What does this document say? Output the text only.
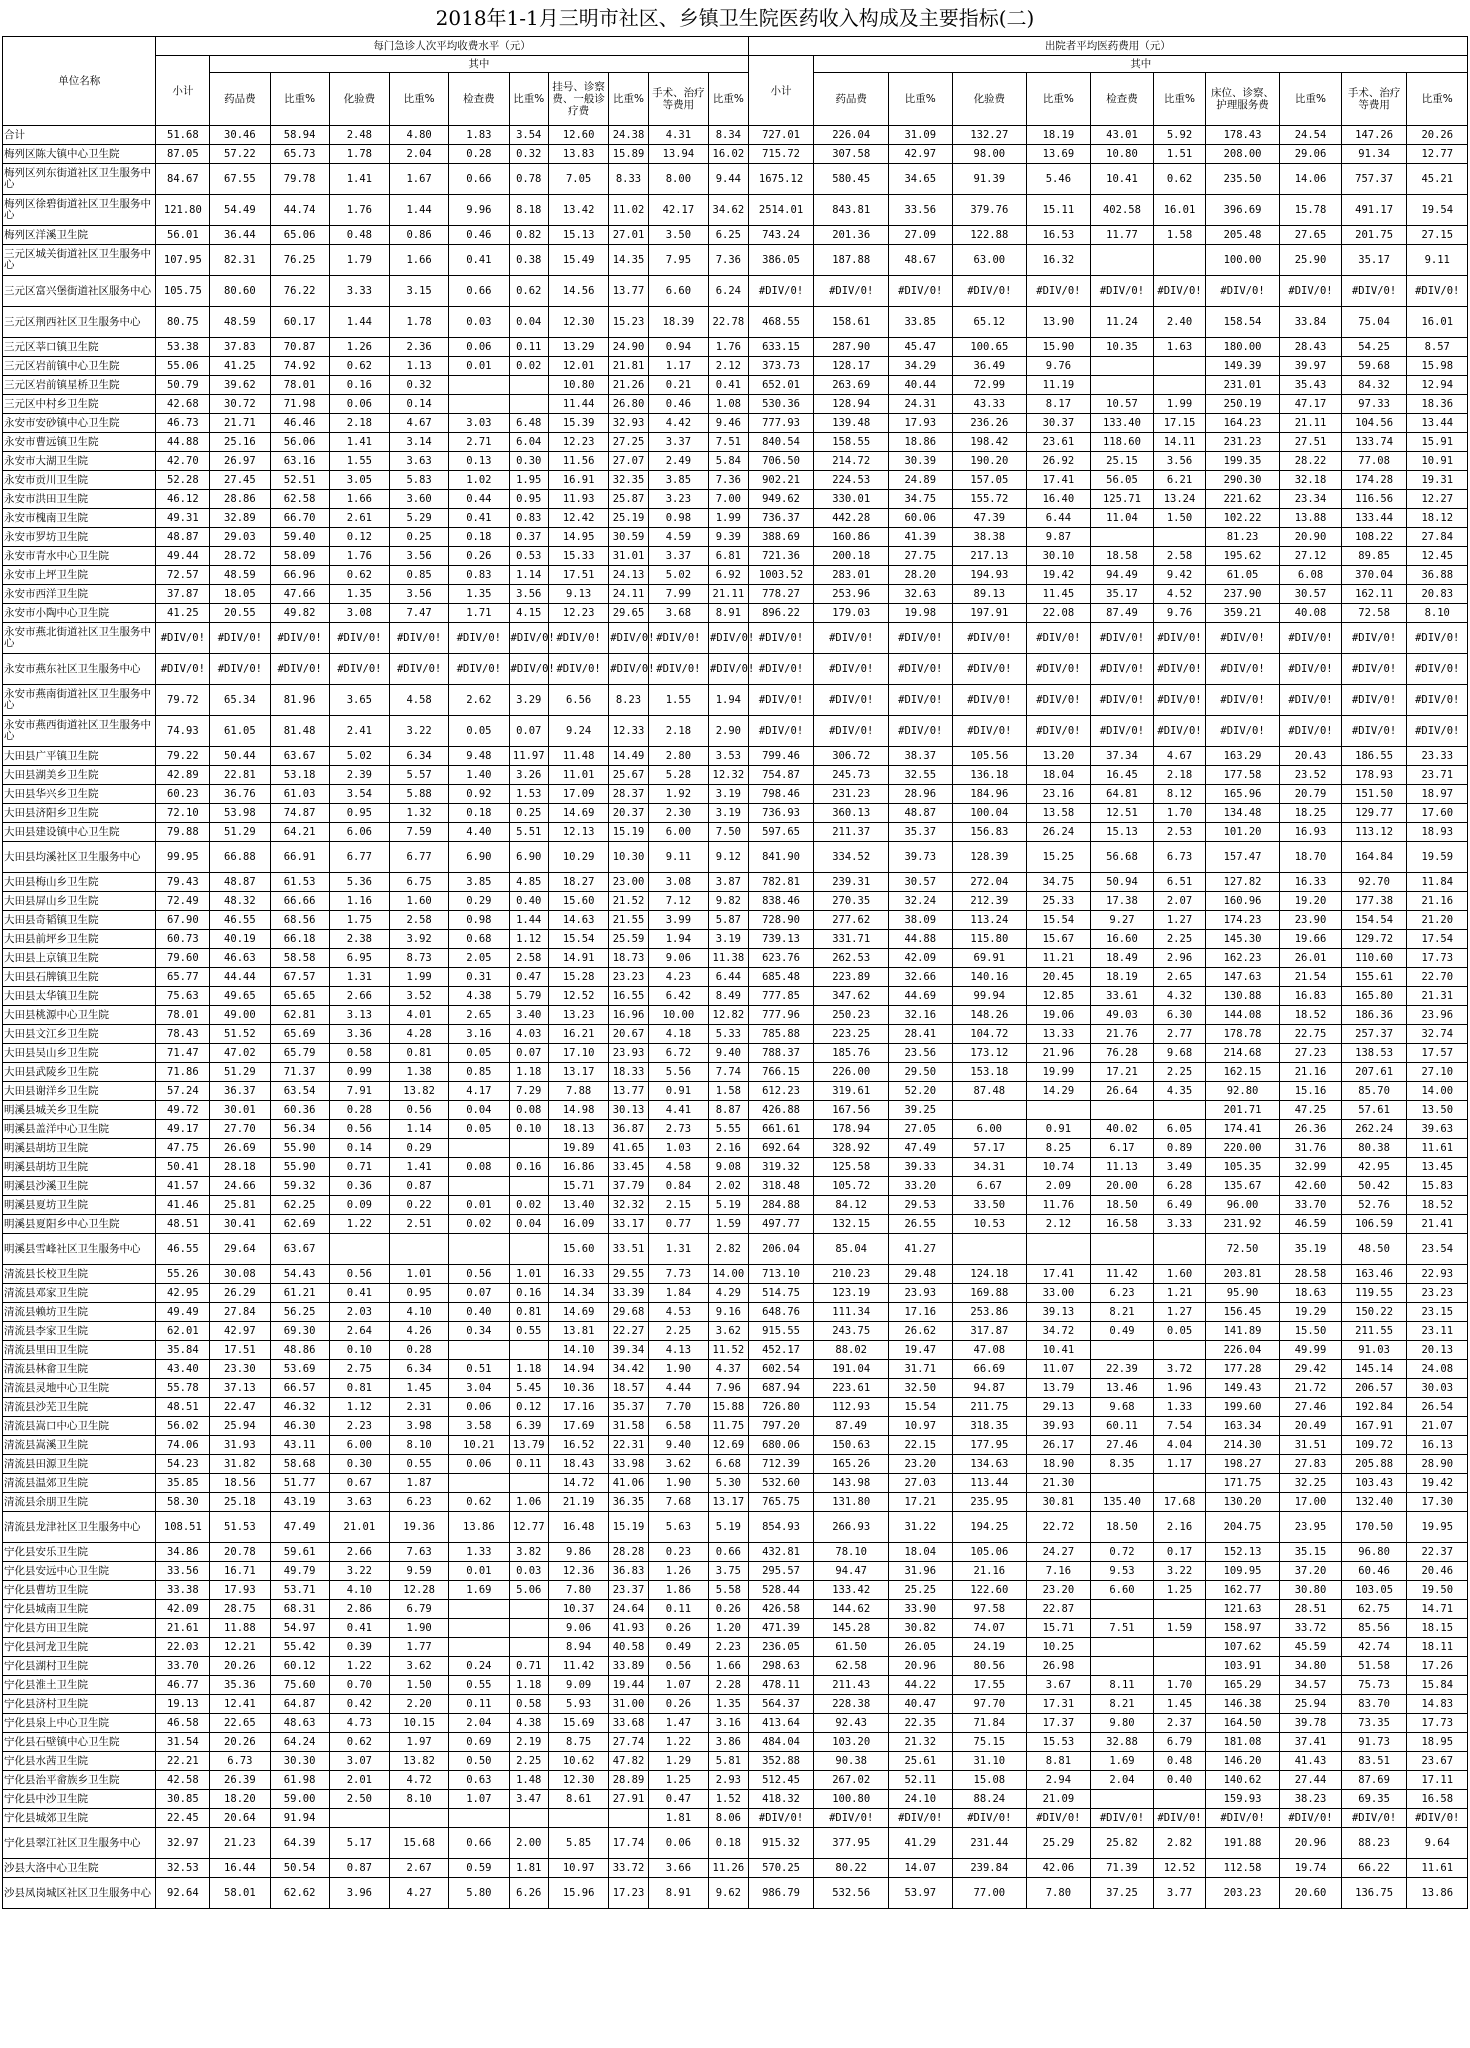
2018年1-1月三明市社区、乡镇卫生院医药收入构成及主要指标(二)
单位名称	每门急诊人次平均收费水平（元）											出院者平均医药费用（元）										
	小计	其中										小计	其中									
		药品费	比重%	化验费	比重%	检查费	比重%	挂号、诊察费、一般诊疗费	比重%	手术、治疗等费用	比重%		药品费	比重%	化验费	比重%	检查费	比重%	床位、诊察、护理服务费	比重%	手术、治疗等费用	比重%
合计	51.68	30.46	58.94	2.48	4.80	1.83	3.54	12.60	24.38	4.31	8.34	727.01	226.04	31.09	132.27	18.19	43.01	5.92	178.43	24.54	147.26	20.26
梅列区陈大镇中心卫生院	87.05	57.22	65.73	1.78	2.04	0.28	0.32	13.83	15.89	13.94	16.02	715.72	307.58	42.97	98.00	13.69	10.80	1.51	208.00	29.06	91.34	12.77
梅列区列东街道社区卫生服务中心	84.67	67.55	79.78	1.41	1.67	0.66	0.78	7.05	8.33	8.00	9.44	1675.12	580.45	34.65	91.39	5.46	10.41	0.62	235.50	14.06	757.37	45.21
梅列区徐碧街道社区卫生服务中心	121.80	54.49	44.74	1.76	1.44	9.96	8.18	13.42	11.02	42.17	34.62	2514.01	843.81	33.56	379.76	15.11	402.58	16.01	396.69	15.78	491.17	19.54
梅列区洋溪卫生院	56.01	36.44	65.06	0.48	0.86	0.46	0.82	15.13	27.01	3.50	6.25	743.24	201.36	27.09	122.88	16.53	11.77	1.58	205.48	27.65	201.75	27.15
三元区城关街道社区卫生服务中心	107.95	82.31	76.25	1.79	1.66	0.41	0.38	15.49	14.35	7.95	7.36	386.05	187.88	48.67	63.00	16.32			100.00	25.90	35.17	9.11
三元区富兴堡街道社区服务中心	105.75	80.60	76.22	3.33	3.15	0.66	0.62	14.56	13.77	6.60	6.24	#DIV/0!	#DIV/0!	#DIV/0!	#DIV/0!	#DIV/0!	#DIV/0!	#DIV/0!	#DIV/0!	#DIV/0!	#DIV/0!	#DIV/0!
三元区荆西社区卫生服务中心	80.75	48.59	60.17	1.44	1.78	0.03	0.04	12.30	15.23	18.39	22.78	468.55	158.61	33.85	65.12	13.90	11.24	2.40	158.54	33.84	75.04	16.01
三元区莘口镇卫生院	53.38	37.83	70.87	1.26	2.36	0.06	0.11	13.29	24.90	0.94	1.76	633.15	287.90	45.47	100.65	15.90	10.35	1.63	180.00	28.43	54.25	8.57
三元区岩前镇中心卫生院	55.06	41.25	74.92	0.62	1.13	0.01	0.02	12.01	21.81	1.17	2.12	373.73	128.17	34.29	36.49	9.76			149.39	39.97	59.68	15.98
三元区岩前镇星桥卫生院	50.79	39.62	78.01	0.16	0.32			10.80	21.26	0.21	0.41	652.01	263.69	40.44	72.99	11.19			231.01	35.43	84.32	12.94
三元区中村乡卫生院	42.68	30.72	71.98	0.06	0.14			11.44	26.80	0.46	1.08	530.36	128.94	24.31	43.33	8.17	10.57	1.99	250.19	47.17	97.33	18.36
永安市安砂镇中心卫生院	46.73	21.71	46.46	2.18	4.67	3.03	6.48	15.39	32.93	4.42	9.46	777.93	139.48	17.93	236.26	30.37	133.40	17.15	164.23	21.11	104.56	13.44
永安市曹远镇卫生院	44.88	25.16	56.06	1.41	3.14	2.71	6.04	12.23	27.25	3.37	7.51	840.54	158.55	18.86	198.42	23.61	118.60	14.11	231.23	27.51	133.74	15.91
永安市大湖卫生院	42.70	26.97	63.16	1.55	3.63	0.13	0.30	11.56	27.07	2.49	5.84	706.50	214.72	30.39	190.20	26.92	25.15	3.56	199.35	28.22	77.08	10.91
永安市贡川卫生院	52.28	27.45	52.51	3.05	5.83	1.02	1.95	16.91	32.35	3.85	7.36	902.21	224.53	24.89	157.05	17.41	56.05	6.21	290.30	32.18	174.28	19.31
永安市洪田卫生院	46.12	28.86	62.58	1.66	3.60	0.44	0.95	11.93	25.87	3.23	7.00	949.62	330.01	34.75	155.72	16.40	125.71	13.24	221.62	23.34	116.56	12.27
永安市槐南卫生院	49.31	32.89	66.70	2.61	5.29	0.41	0.83	12.42	25.19	0.98	1.99	736.37	442.28	60.06	47.39	6.44	11.04	1.50	102.22	13.88	133.44	18.12
永安市罗坊卫生院	48.87	29.03	59.40	0.12	0.25	0.18	0.37	14.95	30.59	4.59	9.39	388.69	160.86	41.39	38.38	9.87			81.23	20.90	108.22	27.84
永安市青水中心卫生院	49.44	28.72	58.09	1.76	3.56	0.26	0.53	15.33	31.01	3.37	6.81	721.36	200.18	27.75	217.13	30.10	18.58	2.58	195.62	27.12	89.85	12.45
永安市上坪卫生院	72.57	48.59	66.96	0.62	0.85	0.83	1.14	17.51	24.13	5.02	6.92	1003.52	283.01	28.20	194.93	19.42	94.49	9.42	61.05	6.08	370.04	36.88
永安市西洋卫生院	37.87	18.05	47.66	1.35	3.56	1.35	3.56	9.13	24.11	7.99	21.11	778.27	253.96	32.63	89.13	11.45	35.17	4.52	237.90	30.57	162.11	20.83
永安市小陶中心卫生院	41.25	20.55	49.82	3.08	7.47	1.71	4.15	12.23	29.65	3.68	8.91	896.22	179.03	19.98	197.91	22.08	87.49	9.76	359.21	40.08	72.58	8.10
永安市燕北街道社区卫生服务中心	#DIV/0!	#DIV/0!	#DIV/0!	#DIV/0!	#DIV/0!	#DIV/0!	#DIV/0!	#DIV/0!	#DIV/0!	#DIV/0!	#DIV/0!	#DIV/0!	#DIV/0!	#DIV/0!	#DIV/0!	#DIV/0!	#DIV/0!	#DIV/0!	#DIV/0!	#DIV/0!	#DIV/0!	#DIV/0!
永安市燕东社区卫生服务中心	#DIV/0!	#DIV/0!	#DIV/0!	#DIV/0!	#DIV/0!	#DIV/0!	#DIV/0!	#DIV/0!	#DIV/0!	#DIV/0!	#DIV/0!	#DIV/0!	#DIV/0!	#DIV/0!	#DIV/0!	#DIV/0!	#DIV/0!	#DIV/0!	#DIV/0!	#DIV/0!	#DIV/0!	#DIV/0!
永安市燕南街道社区卫生服务中心	79.72	65.34	81.96	3.65	4.58	2.62	3.29	6.56	8.23	1.55	1.94	#DIV/0!	#DIV/0!	#DIV/0!	#DIV/0!	#DIV/0!	#DIV/0!	#DIV/0!	#DIV/0!	#DIV/0!	#DIV/0!	#DIV/0!
永安市燕西街道社区卫生服务中心	74.93	61.05	81.48	2.41	3.22	0.05	0.07	9.24	12.33	2.18	2.90	#DIV/0!	#DIV/0!	#DIV/0!	#DIV/0!	#DIV/0!	#DIV/0!	#DIV/0!	#DIV/0!	#DIV/0!	#DIV/0!	#DIV/0!
大田县广平镇卫生院	79.22	50.44	63.67	5.02	6.34	9.48	11.97	11.48	14.49	2.80	3.53	799.46	306.72	38.37	105.56	13.20	37.34	4.67	163.29	20.43	186.55	23.33
大田县湖美乡卫生院	42.89	22.81	53.18	2.39	5.57	1.40	3.26	11.01	25.67	5.28	12.32	754.87	245.73	32.55	136.18	18.04	16.45	2.18	177.58	23.52	178.93	23.71
大田县华兴乡卫生院	60.23	36.76	61.03	3.54	5.88	0.92	1.53	17.09	28.37	1.92	3.19	798.46	231.23	28.96	184.96	23.16	64.81	8.12	165.96	20.79	151.50	18.97
大田县济阳乡卫生院	72.10	53.98	74.87	0.95	1.32	0.18	0.25	14.69	20.37	2.30	3.19	736.93	360.13	48.87	100.04	13.58	12.51	1.70	134.48	18.25	129.77	17.60
大田县建设镇中心卫生院	79.88	51.29	64.21	6.06	7.59	4.40	5.51	12.13	15.19	6.00	7.50	597.65	211.37	35.37	156.83	26.24	15.13	2.53	101.20	16.93	113.12	18.93
大田县均溪社区卫生服务中心	99.95	66.88	66.91	6.77	6.77	6.90	6.90	10.29	10.30	9.11	9.12	841.90	334.52	39.73	128.39	15.25	56.68	6.73	157.47	18.70	164.84	19.59
大田县梅山乡卫生院	79.43	48.87	61.53	5.36	6.75	3.85	4.85	18.27	23.00	3.08	3.87	782.81	239.31	30.57	272.04	34.75	50.94	6.51	127.82	16.33	92.70	11.84
大田县屏山乡卫生院	72.49	48.32	66.66	1.16	1.60	0.29	0.40	15.60	21.52	7.12	9.82	838.46	270.35	32.24	212.39	25.33	17.38	2.07	160.96	19.20	177.38	21.16
大田县奇韬镇卫生院	67.90	46.55	68.56	1.75	2.58	0.98	1.44	14.63	21.55	3.99	5.87	728.90	277.62	38.09	113.24	15.54	9.27	1.27	174.23	23.90	154.54	21.20
大田县前坪乡卫生院	60.73	40.19	66.18	2.38	3.92	0.68	1.12	15.54	25.59	1.94	3.19	739.13	331.71	44.88	115.80	15.67	16.60	2.25	145.30	19.66	129.72	17.54
大田县上京镇卫生院	79.60	46.63	58.58	6.95	8.73	2.05	2.58	14.91	18.73	9.06	11.38	623.76	262.53	42.09	69.91	11.21	18.49	2.96	162.23	26.01	110.60	17.73
大田县石牌镇卫生院	65.77	44.44	67.57	1.31	1.99	0.31	0.47	15.28	23.23	4.23	6.44	685.48	223.89	32.66	140.16	20.45	18.19	2.65	147.63	21.54	155.61	22.70
大田县太华镇卫生院	75.63	49.65	65.65	2.66	3.52	4.38	5.79	12.52	16.55	6.42	8.49	777.85	347.62	44.69	99.94	12.85	33.61	4.32	130.88	16.83	165.80	21.31
大田县桃源中心卫生院	78.01	49.00	62.81	3.13	4.01	2.65	3.40	13.23	16.96	10.00	12.82	777.96	250.23	32.16	148.26	19.06	49.03	6.30	144.08	18.52	186.36	23.96
大田县文江乡卫生院	78.43	51.52	65.69	3.36	4.28	3.16	4.03	16.21	20.67	4.18	5.33	785.88	223.25	28.41	104.72	13.33	21.76	2.77	178.78	22.75	257.37	32.74
大田县吴山乡卫生院	71.47	47.02	65.79	0.58	0.81	0.05	0.07	17.10	23.93	6.72	9.40	788.37	185.76	23.56	173.12	21.96	76.28	9.68	214.68	27.23	138.53	17.57
大田县武陵乡卫生院	71.86	51.29	71.37	0.99	1.38	0.85	1.18	13.17	18.33	5.56	7.74	766.15	226.00	29.50	153.18	19.99	17.21	2.25	162.15	21.16	207.61	27.10
大田县谢洋乡卫生院	57.24	36.37	63.54	7.91	13.82	4.17	7.29	7.88	13.77	0.91	1.58	612.23	319.61	52.20	87.48	14.29	26.64	4.35	92.80	15.16	85.70	14.00
明溪县城关乡卫生院	49.72	30.01	60.36	0.28	0.56	0.04	0.08	14.98	30.13	4.41	8.87	426.88	167.56	39.25					201.71	47.25	57.61	13.50
明溪县盖洋中心卫生院	49.17	27.70	56.34	0.56	1.14	0.05	0.10	18.13	36.87	2.73	5.55	661.61	178.94	27.05	6.00	0.91	40.02	6.05	174.41	26.36	262.24	39.63
明溪县胡坊卫生院	47.75	26.69	55.90	0.14	0.29			19.89	41.65	1.03	2.16	692.64	328.92	47.49	57.17	8.25	6.17	0.89	220.00	31.76	80.38	11.61
明溪县胡坊卫生院	50.41	28.18	55.90	0.71	1.41	0.08	0.16	16.86	33.45	4.58	9.08	319.32	125.58	39.33	34.31	10.74	11.13	3.49	105.35	32.99	42.95	13.45
明溪县沙溪卫生院	41.57	24.66	59.32	0.36	0.87			15.71	37.79	0.84	2.02	318.48	105.72	33.20	6.67	2.09	20.00	6.28	135.67	42.60	50.42	15.83
明溪县夏坊卫生院	41.46	25.81	62.25	0.09	0.22	0.01	0.02	13.40	32.32	2.15	5.19	284.88	84.12	29.53	33.50	11.76	18.50	6.49	96.00	33.70	52.76	18.52
明溪县夏阳乡中心卫生院	48.51	30.41	62.69	1.22	2.51	0.02	0.04	16.09	33.17	0.77	1.59	497.77	132.15	26.55	10.53	2.12	16.58	3.33	231.92	46.59	106.59	21.41
明溪县雪峰社区卫生服务中心	46.55	29.64	63.67					15.60	33.51	1.31	2.82	206.04	85.04	41.27					72.50	35.19	48.50	23.54
清流县长校卫生院	55.26	30.08	54.43	0.56	1.01	0.56	1.01	16.33	29.55	7.73	14.00	713.10	210.23	29.48	124.18	17.41	11.42	1.60	203.81	28.58	163.46	22.93
清流县邓家卫生院	42.95	26.29	61.21	0.41	0.95	0.07	0.16	14.34	33.39	1.84	4.29	514.75	123.19	23.93	169.88	33.00	6.23	1.21	95.90	18.63	119.55	23.23
清流县赖坊卫生院	49.49	27.84	56.25	2.03	4.10	0.40	0.81	14.69	29.68	4.53	9.16	648.76	111.34	17.16	253.86	39.13	8.21	1.27	156.45	19.29	150.22	23.15
清流县李家卫生院	62.01	42.97	69.30	2.64	4.26	0.34	0.55	13.81	22.27	2.25	3.62	915.55	243.75	26.62	317.87	34.72	0.49	0.05	141.89	15.50	211.55	23.11
清流县里田卫生院	35.84	17.51	48.86	0.10	0.28			14.10	39.34	4.13	11.52	452.17	88.02	19.47	47.08	10.41			226.04	49.99	91.03	20.13
清流县林畲卫生院	43.40	23.30	53.69	2.75	6.34	0.51	1.18	14.94	34.42	1.90	4.37	602.54	191.04	31.71	66.69	11.07	22.39	3.72	177.28	29.42	145.14	24.08
清流县灵地中心卫生院	55.78	37.13	66.57	0.81	1.45	3.04	5.45	10.36	18.57	4.44	7.96	687.94	223.61	32.50	94.87	13.79	13.46	1.96	149.43	21.72	206.57	30.03
清流县沙芜卫生院	48.51	22.47	46.32	1.12	2.31	0.06	0.12	17.16	35.37	7.70	15.88	726.80	112.93	15.54	211.75	29.13	9.68	1.33	199.60	27.46	192.84	26.54
清流县嵩口中心卫生院	56.02	25.94	46.30	2.23	3.98	3.58	6.39	17.69	31.58	6.58	11.75	797.20	87.49	10.97	318.35	39.93	60.11	7.54	163.34	20.49	167.91	21.07
清流县嵩溪卫生院	74.06	31.93	43.11	6.00	8.10	10.21	13.79	16.52	22.31	9.40	12.69	680.06	150.63	22.15	177.95	26.17	27.46	4.04	214.30	31.51	109.72	16.13
清流县田源卫生院	54.23	31.82	58.68	0.30	0.55	0.06	0.11	18.43	33.98	3.62	6.68	712.39	165.26	23.20	134.63	18.90	8.35	1.17	198.27	27.83	205.88	28.90
清流县温郊卫生院	35.85	18.56	51.77	0.67	1.87			14.72	41.06	1.90	5.30	532.60	143.98	27.03	113.44	21.30			171.75	32.25	103.43	19.42
清流县余朋卫生院	58.30	25.18	43.19	3.63	6.23	0.62	1.06	21.19	36.35	7.68	13.17	765.75	131.80	17.21	235.95	30.81	135.40	17.68	130.20	17.00	132.40	17.30
清流县龙津社区卫生服务中心	108.51	51.53	47.49	21.01	19.36	13.86	12.77	16.48	15.19	5.63	5.19	854.93	266.93	31.22	194.25	22.72	18.50	2.16	204.75	23.95	170.50	19.95
宁化县安乐卫生院	34.86	20.78	59.61	2.66	7.63	1.33	3.82	9.86	28.28	0.23	0.66	432.81	78.10	18.04	105.06	24.27	0.72	0.17	152.13	35.15	96.80	22.37
宁化县安远中心卫生院	33.56	16.71	49.79	3.22	9.59	0.01	0.03	12.36	36.83	1.26	3.75	295.57	94.47	31.96	21.16	7.16	9.53	3.22	109.95	37.20	60.46	20.46
宁化县曹坊卫生院	33.38	17.93	53.71	4.10	12.28	1.69	5.06	7.80	23.37	1.86	5.58	528.44	133.42	25.25	122.60	23.20	6.60	1.25	162.77	30.80	103.05	19.50
宁化县城南卫生院	42.09	28.75	68.31	2.86	6.79			10.37	24.64	0.11	0.26	426.58	144.62	33.90	97.58	22.87			121.63	28.51	62.75	14.71
宁化县方田卫生院	21.61	11.88	54.97	0.41	1.90			9.06	41.93	0.26	1.20	471.39	145.28	30.82	74.07	15.71	7.51	1.59	158.97	33.72	85.56	18.15
宁化县河龙卫生院	22.03	12.21	55.42	0.39	1.77			8.94	40.58	0.49	2.23	236.05	61.50	26.05	24.19	10.25			107.62	45.59	42.74	18.11
宁化县湖村卫生院	33.70	20.26	60.12	1.22	3.62	0.24	0.71	11.42	33.89	0.56	1.66	298.63	62.58	20.96	80.56	26.98			103.91	34.80	51.58	17.26
宁化县淮土卫生院	46.77	35.36	75.60	0.70	1.50	0.55	1.18	9.09	19.44	1.07	2.28	478.11	211.43	44.22	17.55	3.67	8.11	1.70	165.29	34.57	75.73	15.84
宁化县济村卫生院	19.13	12.41	64.87	0.42	2.20	0.11	0.58	5.93	31.00	0.26	1.35	564.37	228.38	40.47	97.70	17.31	8.21	1.45	146.38	25.94	83.70	14.83
宁化县泉上中心卫生院	46.58	22.65	48.63	4.73	10.15	2.04	4.38	15.69	33.68	1.47	3.16	413.64	92.43	22.35	71.84	17.37	9.80	2.37	164.50	39.78	73.35	17.73
宁化县石壁镇中心卫生院	31.54	20.26	64.24	0.62	1.97	0.69	2.19	8.75	27.74	1.22	3.86	484.04	103.20	21.32	75.15	15.53	32.88	6.79	181.08	37.41	91.73	18.95
宁化县水茜卫生院	22.21	6.73	30.30	3.07	13.82	0.50	2.25	10.62	47.82	1.29	5.81	352.88	90.38	25.61	31.10	8.81	1.69	0.48	146.20	41.43	83.51	23.67
宁化县治平畲族乡卫生院	42.58	26.39	61.98	2.01	4.72	0.63	1.48	12.30	28.89	1.25	2.93	512.45	267.02	52.11	15.08	2.94	2.04	0.40	140.62	27.44	87.69	17.11
宁化县中沙卫生院	30.85	18.20	59.00	2.50	8.10	1.07	3.47	8.61	27.91	0.47	1.52	418.32	100.80	24.10	88.24	21.09			159.93	38.23	69.35	16.58
宁化县城郊卫生院	22.45	20.64	91.94							1.81	8.06	#DIV/0!	#DIV/0!	#DIV/0!	#DIV/0!	#DIV/0!	#DIV/0!	#DIV/0!	#DIV/0!	#DIV/0!	#DIV/0!	#DIV/0!
宁化县翠江社区卫生服务中心	32.97	21.23	64.39	5.17	15.68	0.66	2.00	5.85	17.74	0.06	0.18	915.32	377.95	41.29	231.44	25.29	25.82	2.82	191.88	20.96	88.23	9.64
沙县大洛中心卫生院	32.53	16.44	50.54	0.87	2.67	0.59	1.81	10.97	33.72	3.66	11.26	570.25	80.22	14.07	239.84	42.06	71.39	12.52	112.58	19.74	66.22	11.61
沙县凤岗城区社区卫生服务中心	92.64	58.01	62.62	3.96	4.27	5.80	6.26	15.96	17.23	8.91	9.62	986.79	532.56	53.97	77.00	7.80	37.25	3.77	203.23	20.60	136.75	13.86
